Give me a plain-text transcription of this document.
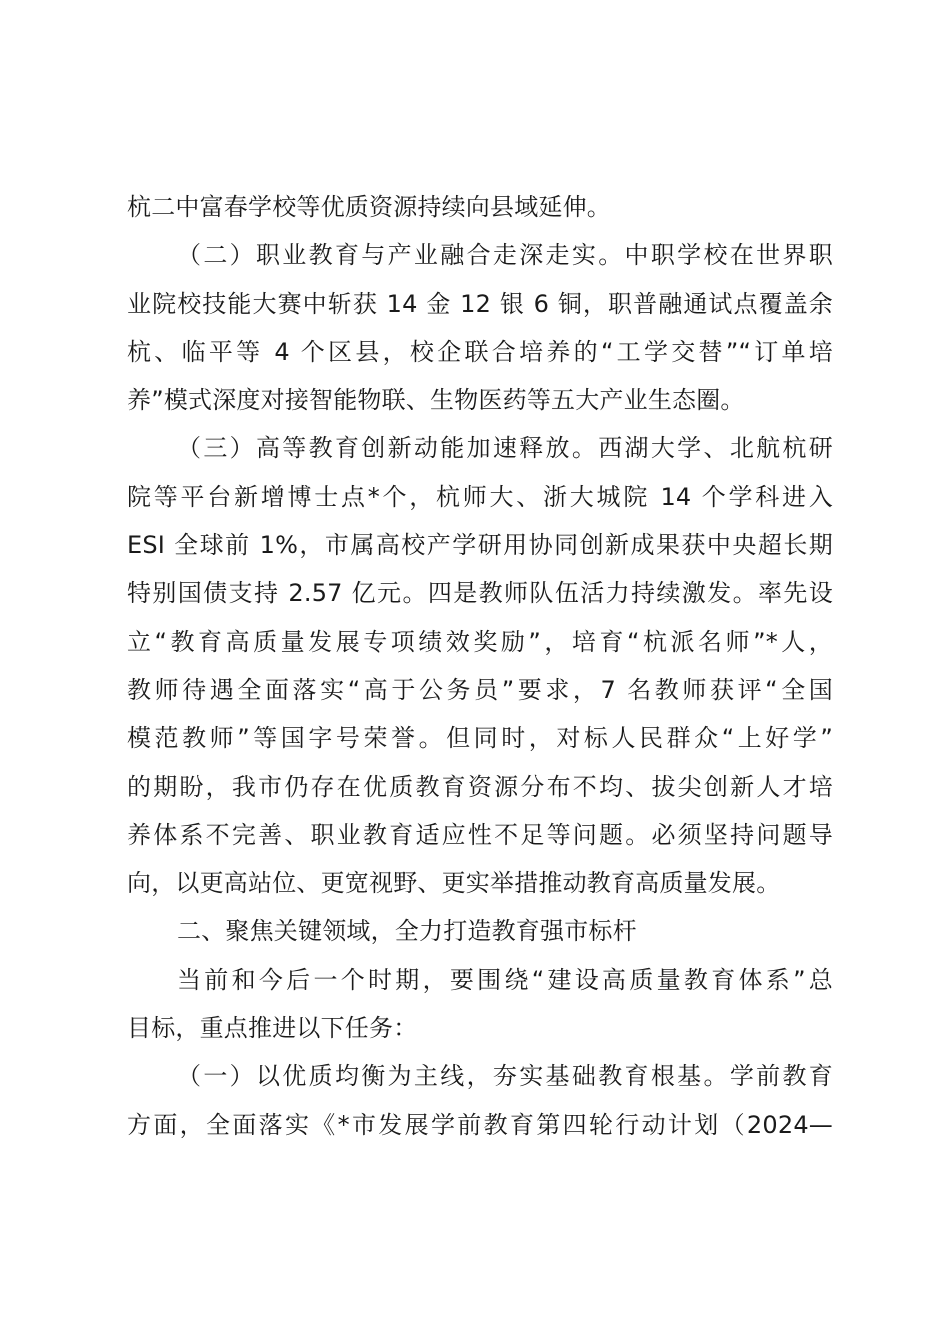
杭二中富春学校等优质资源持续向县域延伸。
（二）职业教育与产业融合走深走实。中职学校在世界职
业院校技能大赛中斩获 14 金 12 银 6 铜，职普融通试点覆盖余
杭、临平等 4 个区县，校企联合培养的“工学交替”“订单培
养”模式深度对接智能物联、生物医药等五大产业生态圈。
（三）高等教育创新动能加速释放。西湖大学、北航杭研
院等平台新增博士点*个，杭师大、浙大城院 14 个学科进入
ESI 全球前 1%，市属高校产学研用协同创新成果获中央超长期
特别国债支持 2.57 亿元。四是教师队伍活力持续激发。率先设
立“教育高质量发展专项绩效奖励”，培育“杭派名师”*人，
教师待遇全面落实“高于公务员”要求，7 名教师获评“全国
模范教师”等国字号荣誉。但同时，对标人民群众“上好学”
的期盼，我市仍存在优质教育资源分布不均、拔尖创新人才培
养体系不完善、职业教育适应性不足等问题。必须坚持问题导
向，以更高站位、更宽视野、更实举措推动教育高质量发展。
二、聚焦关键领域，全力打造教育强市标杆
当前和今后一个时期，要围绕“建设高质量教育体系”总
目标，重点推进以下任务：
（一）以优质均衡为主线，夯实基础教育根基。学前教育
方面，全面落实《*市发展学前教育第四轮行动计划（2024—
